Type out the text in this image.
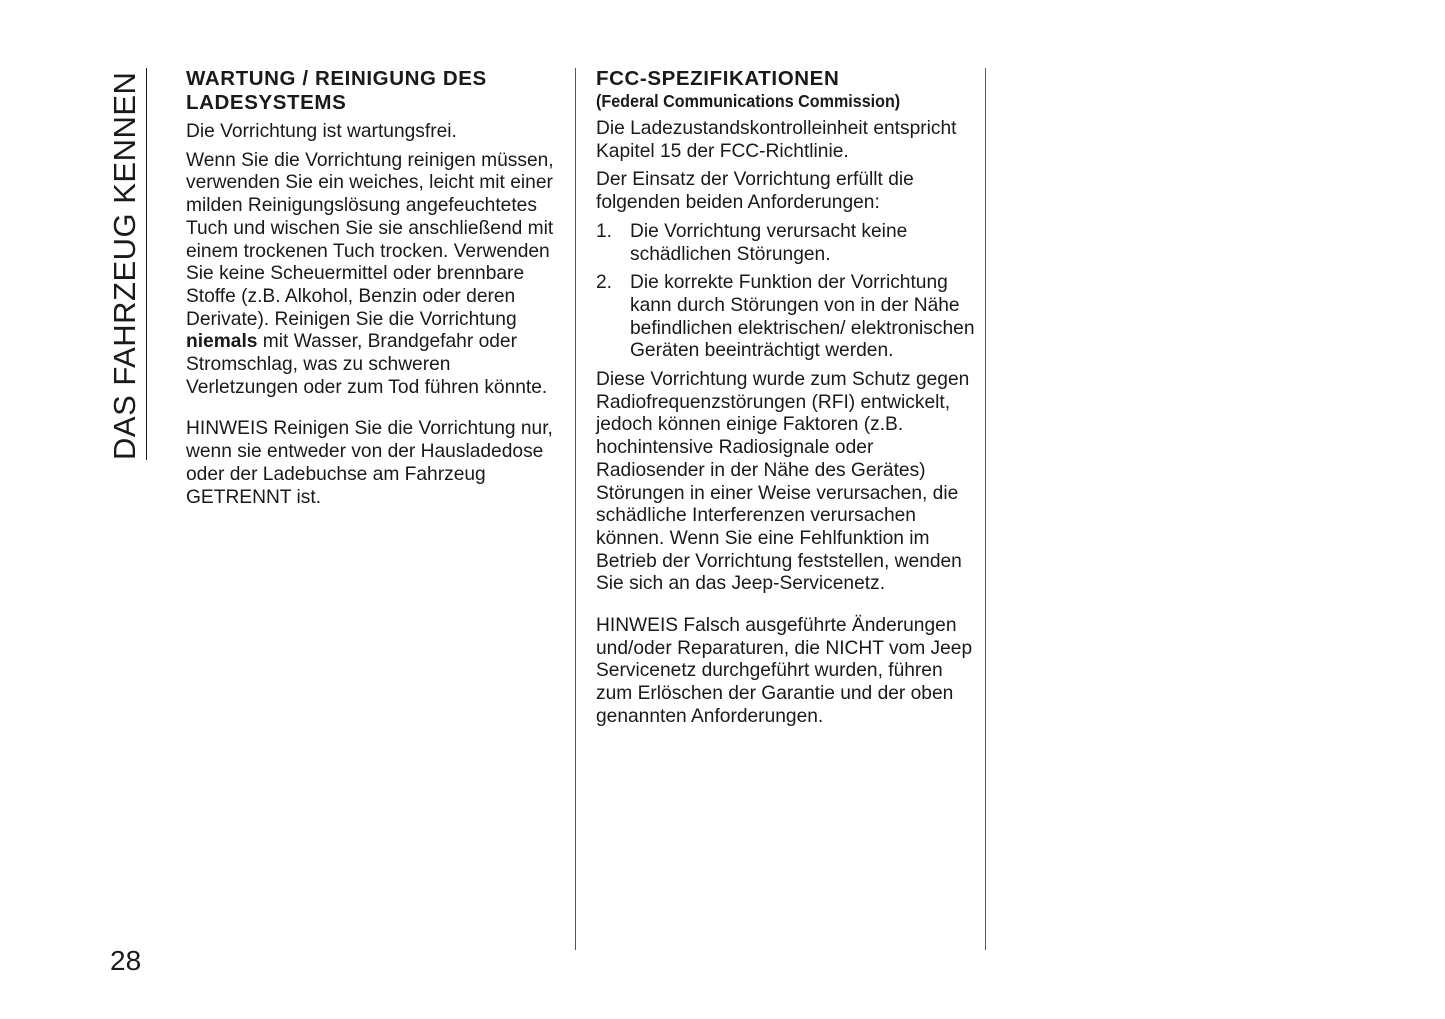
DAS FAHRZEUG KENNEN
28
WARTUNG / REINIGUNG DES LADESYSTEMS

Die Vorrichtung ist wartungsfrei.

Wenn Sie die Vorrichtung reinigen müssen, verwenden Sie ein weiches, leicht mit einer milden Reinigungslösung angefeuchtetes Tuch und wischen Sie sie anschließend mit einem trockenen Tuch trocken. Verwenden Sie keine Scheuermittel oder brennbare Stoffe (z.B. Alkohol, Benzin oder deren Derivate). Reinigen Sie die Vorrichtung niemals mit Wasser, Brandgefahr oder Stromschlag, was zu schweren Verletzungen oder zum Tod führen könnte.

HINWEIS Reinigen Sie die Vorrichtung nur, wenn sie entweder von der Hausladedose oder der Ladebuchse am Fahrzeug GETRENNT ist.

FCC-SPEZIFIKATIONEN

(Federal Communications Commission)

Die Ladezustandskontrolleinheit entspricht Kapitel 15 der FCC-Richtlinie.

Der Einsatz der Vorrichtung erfüllt die folgenden beiden Anforderungen:

1. Die Vorrichtung verursacht keine schädlichen Störungen.
2. Die korrekte Funktion der Vorrichtung kann durch Störungen von in der Nähe befindlichen elektrischen/ elektronischen Geräten beeinträchtigt werden.

Diese Vorrichtung wurde zum Schutz gegen Radiofrequenzstörungen (RFI) entwickelt, jedoch können einige Faktoren (z.B. hochintensive Radiosignale oder Radiosender in der Nähe des Gerätes) Störungen in einer Weise verursachen, die schädliche Interferenzen verursachen können. Wenn Sie eine Fehlfunktion im Betrieb der Vorrichtung feststellen, wenden Sie sich an das Jeep-Servicenetz.

HINWEIS Falsch ausgeführte Änderungen und/oder Reparaturen, die NICHT vom Jeep Servicenetz durchgeführt wurden, führen zum Erlöschen der Garantie und der oben genannten Anforderungen.
